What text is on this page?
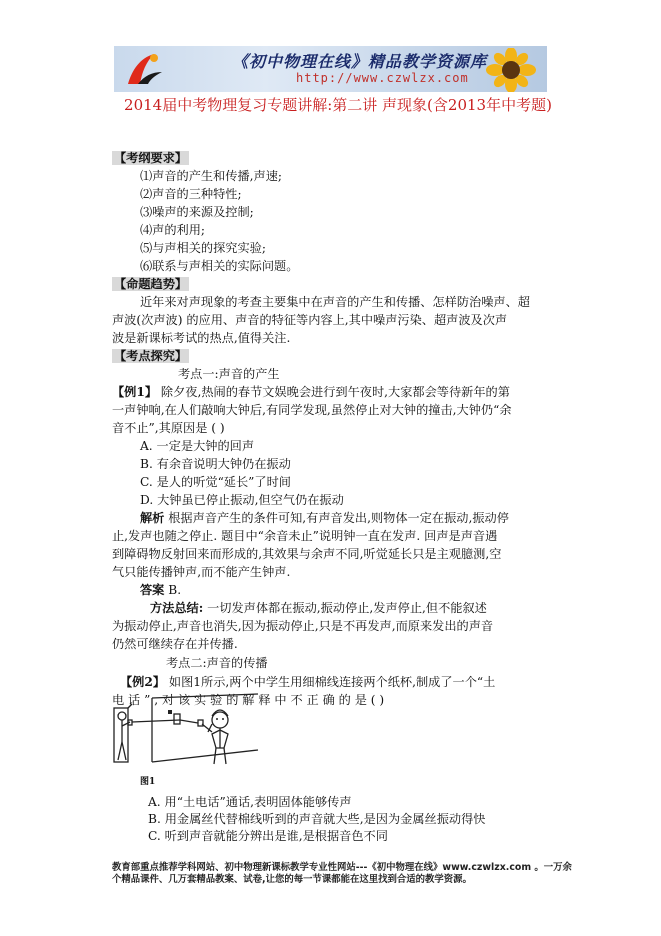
《初中物理在线》精品教学资源库
http://www.czwlzx.com
2014届中考物理复习专题讲解:第二讲 声现象(含2013年中考题)
【考纲要求】
⑴声音的产生和传播,声速;
⑵声音的三种特性;
⑶噪声的来源及控制;
⑷声的利用;
⑸与声相关的探究实验;
⑹联系与声相关的实际问题。
【命题趋势】
近年来对声现象的考查主要集中在声音的产生和传播、怎样防治噪声、超
声波(次声波) 的应用、声音的特征等内容上,其中噪声污染、超声波及次声
波是新课标考试的热点,值得关注.
【考点探究】
考点一:声音的产生
【例1】 除夕夜,热闹的春节文娱晚会进行到午夜时,大家都会等待新年的第
一声钟响,在人们敲响大钟后,有同学发现,虽然停止对大钟的撞击,大钟仍“余
音不止”,其原因是 ( )
A. 一定是大钟的回声
B. 有余音说明大钟仍在振动
C. 是人的听觉“延长”了时间
D. 大钟虽已停止振动,但空气仍在振动
解析 根据声音产生的条件可知,有声音发出,则物体一定在振动,振动停
止,发声也随之停止. 题目中“余音未止”说明钟一直在发声. 回声是声音遇
到障碍物反射回来而形成的,其效果与余声不同,听觉延长只是主观臆测,空
气只能传播钟声,而不能产生钟声.
答案 B.
方法总结: 一切发声体都在振动,振动停止,发声停止,但不能叙述
为振动停止,声音也消失,因为振动停止,只是不再发声,而原来发出的声音
仍然可继续存在并传播.
考点二:声音的传播
【例2】 如图1所示,两个中学生用细棉线连接两个纸杯,制成了一个“土
电 话 ” , 对 该 实 验 的 解 释 中 不 正 确 的 是 ( )
图1
A. 用“土电话”通话,表明固体能够传声
B. 用金属丝代替棉线听到的声音就大些,是因为金属丝振动得快
C. 听到声音就能分辨出是谁,是根据音色不同
教育部重点推荐学科网站、初中物理新课标教学专业性网站---《初中物理在线》www.czwlzx.com 。一万余
个精品课件、几万套精品教案、试卷,让您的每一节课都能在这里找到合适的教学资源。
